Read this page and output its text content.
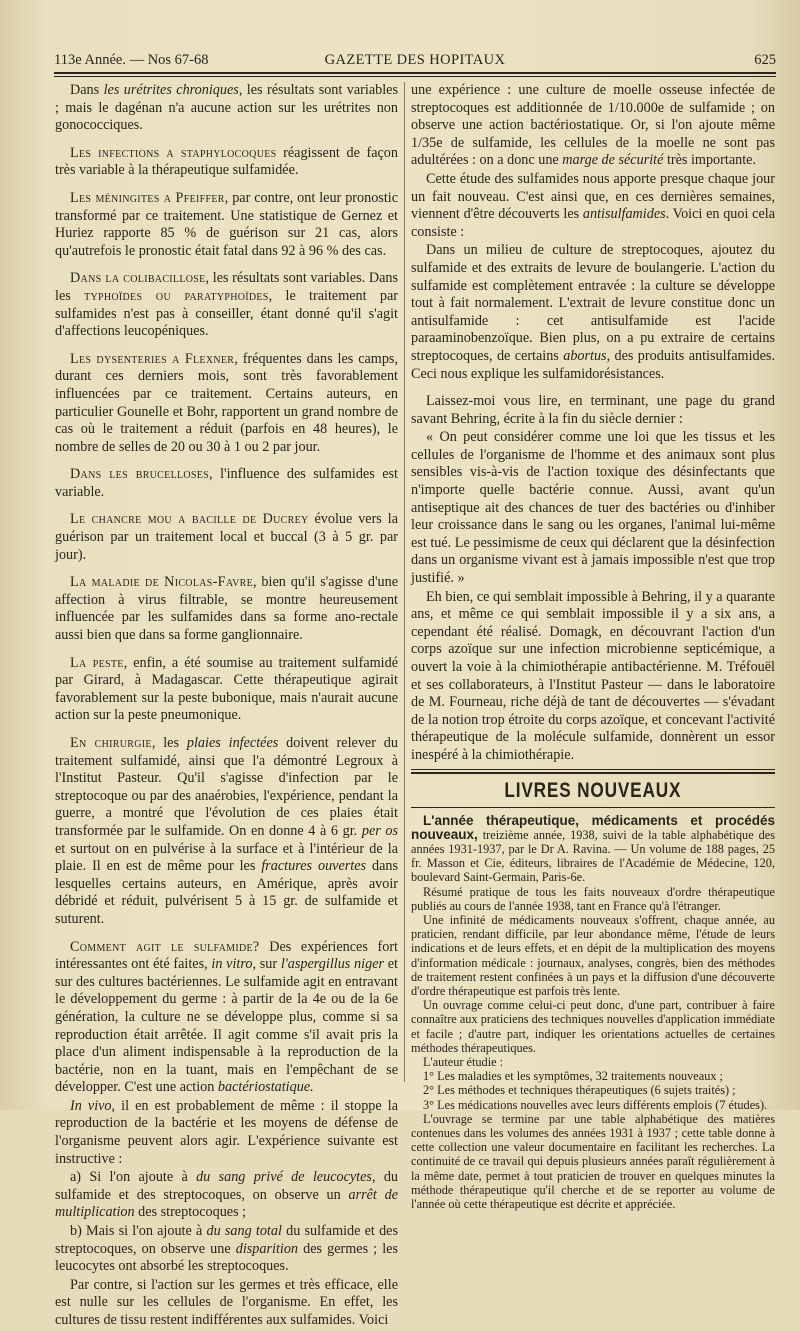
113e Année. — Nos 67-68	GAZETTE DES HOPITAUX	625

Dans les urétrites chroniques, les résultats sont variables ; mais le dagénan n'a aucune action sur les urétrites non gonococciques.

Les infections a staphylocoques réagissent de façon très variable à la thérapeutique sulfamidée.

Les méningites a Pfeiffer, par contre, ont leur pronostic transformé par ce traitement. Une statistique de Gernez et Huriez rapporte 85 % de guérison sur 21 cas, alors qu'autrefois le pronostic était fatal dans 92 à 96 % des cas.

Dans la colibacillose, les résultats sont variables. Dans les typhoïdes ou paratyphoïdes, le traitement par sulfamides n'est pas à conseiller, étant donné qu'il s'agit d'affections leucopéniques.

Les dysenteries a Flexner, fréquentes dans les camps, durant ces derniers mois, sont très favorablement influencées par ce traitement. Certains auteurs, en particulier Gounelle et Bohr, rapportent un grand nombre de cas où le traitement a réduit (parfois en 48 heures), le nombre de selles de 20 ou 30 à 1 ou 2 par jour.

Dans les brucelloses, l'influence des sulfamides est variable.

Le chancre mou a bacille de Ducrey évolue vers la guérison par un traitement local et buccal (3 à 5 gr. par jour).

La maladie de Nicolas-Favre, bien qu'il s'agisse d'une affection à virus filtrable, se montre heureusement influencée par les sulfamides dans sa forme ano-rectale aussi bien que dans sa forme ganglionnaire.

La peste, enfin, a été soumise au traitement sulfamidé par Girard, à Madagascar. Cette thérapeutique agirait favorablement sur la peste bubonique, mais n'aurait aucune action sur la peste pneumonique.

En chirurgie, les plaies infectées doivent relever du traitement sulfamidé, ainsi que l'a démontré Legroux à l'Institut Pasteur. Qu'il s'agisse d'infection par le streptocoque ou par des anaérobies, l'expérience, pendant la guerre, a montré que l'évolution de ces plaies était transformée par le sulfamide. On en donne 4 à 6 gr. per os et surtout on en pulvérise à la surface et à l'intérieur de la plaie. Il en est de même pour les fractures ouvertes dans lesquelles certains auteurs, en Amérique, après avoir débridé et réduit, pulvérisent 5 à 15 gr. de sulfamide et suturent.

Comment agit le sulfamide? Des expériences fort intéressantes ont été faites, in vitro, sur l'aspergillus niger et sur des cultures bactériennes. Le sulfamide agit en entravant le développement du germe : à partir de la 4e ou de la 6e génération, la culture ne se développe plus, comme si sa reproduction était arrêtée. Il agit comme s'il avait pris la place d'un aliment indispensable à la reproduction de la bactérie, non en la tuant, mais en l'empêchant de se développer. C'est une action bactériostatique.

In vivo, il en est probablement de même : il stoppe la reproduction de la bactérie et les moyens de défense de l'organisme peuvent alors agir. L'expérience suivante est instructive :

a) Si l'on ajoute à du sang privé de leucocytes, du sulfamide et des streptocoques, on observe un arrêt de multiplication des streptocoques ;

b) Mais si l'on ajoute à du sang total du sulfamide et des streptocoques, on observe une disparition des germes ; les leucocytes ont absorbé les streptocoques.

Par contre, si l'action sur les germes et très efficace, elle est nulle sur les cellules de l'organisme. En effet, les cultures de tissu restent indifférentes aux sulfamides. Voici

une expérience : une culture de moelle osseuse infectée de streptocoques est additionnée de 1/10.000e de sulfamide ; on observe une action bactériostatique. Or, si l'on ajoute même 1/35e de sulfamide, les cellules de la moelle ne sont pas adultérées : on a donc une marge de sécurité très importante.

Cette étude des sulfamides nous apporte presque chaque jour un fait nouveau. C'est ainsi que, en ces dernières semaines, viennent d'être découverts les antisulfamides. Voici en quoi cela consiste :

Dans un milieu de culture de streptocoques, ajoutez du sulfamide et des extraits de levure de boulangerie. L'action du sulfamide est complètement entravée : la culture se développe tout à fait normalement. L'extrait de levure constitue donc un antisulfamide : cet antisulfamide est l'acide paraaminobenzoïque. Bien plus, on a pu extraire de certains streptocoques, de certains abortus, des produits antisulfamides. Ceci nous explique les sulfamidorésistances.

Laissez-moi vous lire, en terminant, une page du grand savant Behring, écrite à la fin du siècle dernier :

« On peut considérer comme une loi que les tissus et les cellules de l'organisme de l'homme et des animaux sont plus sensibles vis-à-vis de l'action toxique des désinfectants que n'importe quelle bactérie connue. Aussi, avant qu'un antiseptique ait des chances de tuer des bactéries ou d'inhiber leur croissance dans le sang ou les organes, l'animal lui-même est tué. Le pessimisme de ceux qui déclarent que la désinfection dans un organisme vivant est à jamais impossible n'est que trop justifié. »

Eh bien, ce qui semblait impossible à Behring, il y a quarante ans, et même ce qui semblait impossible il y a six ans, a cependant été réalisé. Domagk, en découvrant l'action d'un corps azoïque sur une infection microbienne septicémique, a ouvert la voie à la chimiothérapie antibactérienne. M. Tréfouël et ses collaborateurs, à l'Institut Pasteur — dans le laboratoire de M. Fourneau, riche déjà de tant de découvertes — s'évadant de la notion trop étroite du corps azoïque, et concevant l'activité thérapeutique de la molécule sulfamide, donnèrent un essor inespéré à la chimiothérapie.

LIVRES NOUVEAUX

L'année thérapeutique, médicaments et procédés nouveaux, treizième année, 1938, suivi de la table alphabétique des années 1931-1937, par le Dr A. Ravina. — Un volume de 188 pages, 25 fr. Masson et Cie, éditeurs, libraires de l'Académie de Médecine, 120, boulevard Saint-Germain, Paris-6e.

Résumé pratique de tous les faits nouveaux d'ordre thérapeutique publiés au cours de l'année 1938, tant en France qu'à l'étranger.

Une infinité de médicaments nouveaux s'offrent, chaque année, au praticien, rendant difficile, par leur abondance même, l'étude de leurs indications et de leurs effets, et en dépit de la multiplication des moyens d'information médicale : journaux, analyses, congrès, bien des méthodes de traitement restent confinées à un pays et la diffusion d'une découverte d'ordre thérapeutique est parfois très lente.

Un ouvrage comme celui-ci peut donc, d'une part, contribuer à faire connaître aux praticiens des techniques nouvelles d'application immédiate et facile ; d'autre part, indiquer les orientations actuelles de certaines méthodes thérapeutiques.

L'auteur étudie :

1° Les maladies et les symptômes, 32 traitements nouveaux ;

2° Les méthodes et techniques thérapeutiques (6 sujets traités) ;

3° Les médications nouvelles avec leurs différents emplois (7 études).

L'ouvrage se termine par une table alphabétique des matières contenues dans les volumes des années 1931 à 1937 ; cette table donne à cette collection une valeur documentaire en facilitant les recherches. La continuité de ce travail qui depuis plusieurs années paraît régulièrement à la même date, permet à tout praticien de trouver en quelques minutes la méthode thérapeutique qu'il cherche et de se reporter au volume de l'année où cette thérapeutique est décrite et appréciée.
